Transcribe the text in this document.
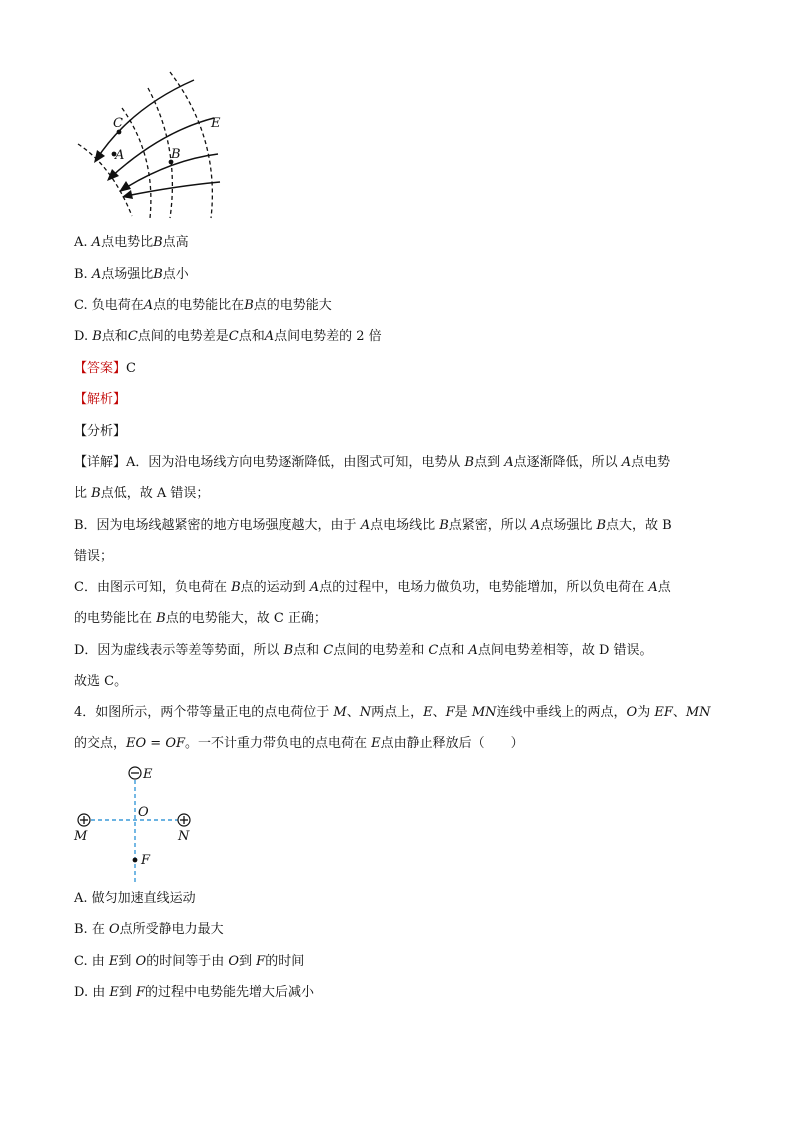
C
A	B
E
A. A点电势比B点高
B. A点场强比B点小
C. 负电荷在A点的电势能比在B点的电势能大
D. B点和C点间的电势差是C点和A点间电势差的 2 倍
【答案】C
【解析】
【分析】
【详解】A．因为沿电场线方向电势逐渐降低，由图式可知，电势从 B点到 A点逐渐降低，所以 A点电势
比 B点低，故 A 错误；
B．因为电场线越紧密的地方电场强度越大，由于 A点电场线比 B点紧密，所以 A点场强比 B点大，故 B
错误；
C．由图示可知，负电荷在 B点的运动到 A点的过程中，电场力做负功，电势能增加，所以负电荷在 A点
的电势能比在 B点的电势能大，故 C 正确；
D．因为虚线表示等差等势面，所以 B点和 C点间的电势差和 C点和 A点间电势差相等，故 D 错误。
故选 C。
4．如图所示，两个带等量正电的点电荷位于 M、N两点上，E、F是 MN连线中垂线上的两点，O为 EF、MN
的交点，EO = OF。一不计重力带负电的点电荷在 E点由静止释放后（　　）
E
O
M	N
F
A. 做匀加速直线运动
B. 在 O点所受静电力最大
C. 由 E到 O的时间等于由 O到 F的时间
D. 由 E到 F的过程中电势能先增大后减小
